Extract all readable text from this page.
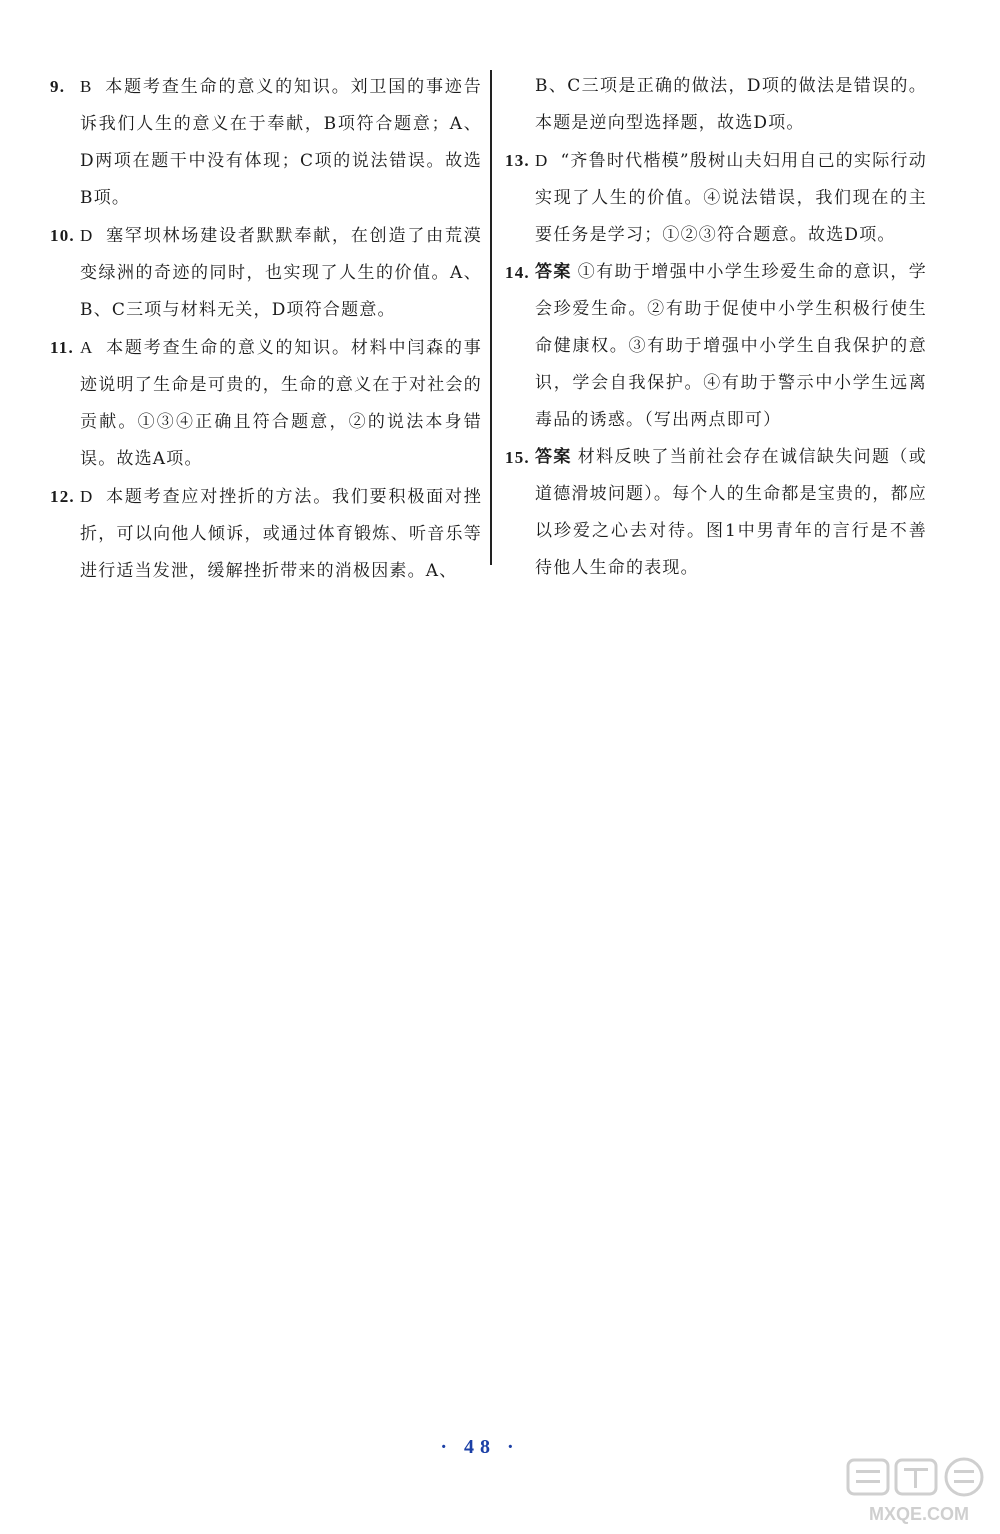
9. B 本题考查生命的意义的知识。刘卫国的事迹告诉我们人生的意义在于奉献，B项符合题意；A、D两项在题干中没有体现；C项的说法错误。故选B项。

10. D 塞罕坝林场建设者默默奉献，在创造了由荒漠变绿洲的奇迹的同时，也实现了人生的价值。A、B、C三项与材料无关，D项符合题意。

11. A 本题考查生命的意义的知识。材料中闫森的事迹说明了生命是可贵的，生命的意义在于对社会的贡献。①③④正确且符合题意，②的说法本身错误。故选A项。

12. D 本题考查应对挫折的方法。我们要积极面对挫折，可以向他人倾诉，或通过体育锻炼、听音乐等进行适当发泄，缓解挫折带来的消极因素。A、

B、C三项是正确的做法，D项的做法是错误的。本题是逆向型选择题，故选D项。

13. D “齐鲁时代楷模”殷树山夫妇用自己的实际行动实现了人生的价值。④说法错误，我们现在的主要任务是学习；①②③符合题意。故选D项。

14. 答案 ①有助于增强中小学生珍爱生命的意识，学会珍爱生命。②有助于促使中小学生积极行使生命健康权。③有助于增强中小学生自我保护的意识，学会自我保护。④有助于警示中小学生远离毒品的诱惑。（写出两点即可）

15. 答案 材料反映了当前社会存在诚信缺失问题（或道德滑坡问题）。每个人的生命都是宝贵的，都应以珍爱之心去对待。图1中男青年的言行是不善待他人生命的表现。

· 48 ·
MXQE.COM
